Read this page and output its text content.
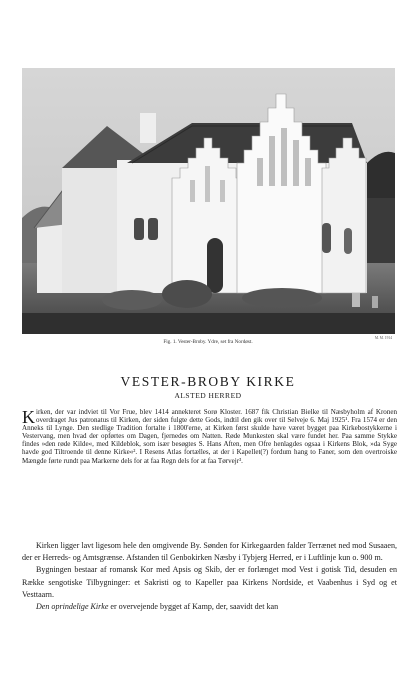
M. M. 1914
Fig. 1. Vester-Broby. Ydre, set fra Nordøst.
VESTER-BROBY KIRKE
ALSTED HERRED

Kirken, der var indviet til Vor Frue, blev 1414 annekteret Sorø Kloster. 1687 fik Christian Bielke til Næsbyholm af Kronen overdraget Jus patronatus til Kirken, der siden fulgte dette Gods, indtil den gik over til Selveje 6. Maj 1925¹. Fra 1574 er den Anneks til Lynge. Den stedlige Tradition fortalte i 1800'erne, at Kirken først skulde have været bygget paa Kirkebostykkerne i Vestervang, men hvad der opførtes om Dagen, fjernedes om Natten. Røde Munkesten skal være fundet her. Paa samme Stykke findes »den røde Kilde«, med Kildeblok, som især besøgtes S. Hans Aften, men Ofre henlagdes ogsaa i Kirkens Blok, »da Syge havde god Tiltroende til denne Kirke«². I Resens Atlas fortælles, at der i Kapellet(?) fordum hang to Faner, som den overtroiske Mængde førte rundt paa Markerne dels for at faa Regn dels for at faa Tørvejr³.

Kirken ligger lavt ligesom hele den omgivende By. Sønden for Kirkegaarden falder Terrænet ned mod Susaaen, der er Herreds- og Amtsgrænse. Afstanden til Genbokirken Næsby i Tybjerg Herred, er i Luftlinje kun o. 900 m.

Bygningen bestaar af romansk Kor med Apsis og Skib, der er forlænget mod Vest i gotisk Tid, desuden en Række sengotiske Tilbygninger: et Sakristi og to Kapeller paa Kirkens Nordside, et Vaabenhus i Syd og et Vesttaarn.

Den oprindelige Kirke er overvejende bygget af Kamp, der, saavidt det kan
